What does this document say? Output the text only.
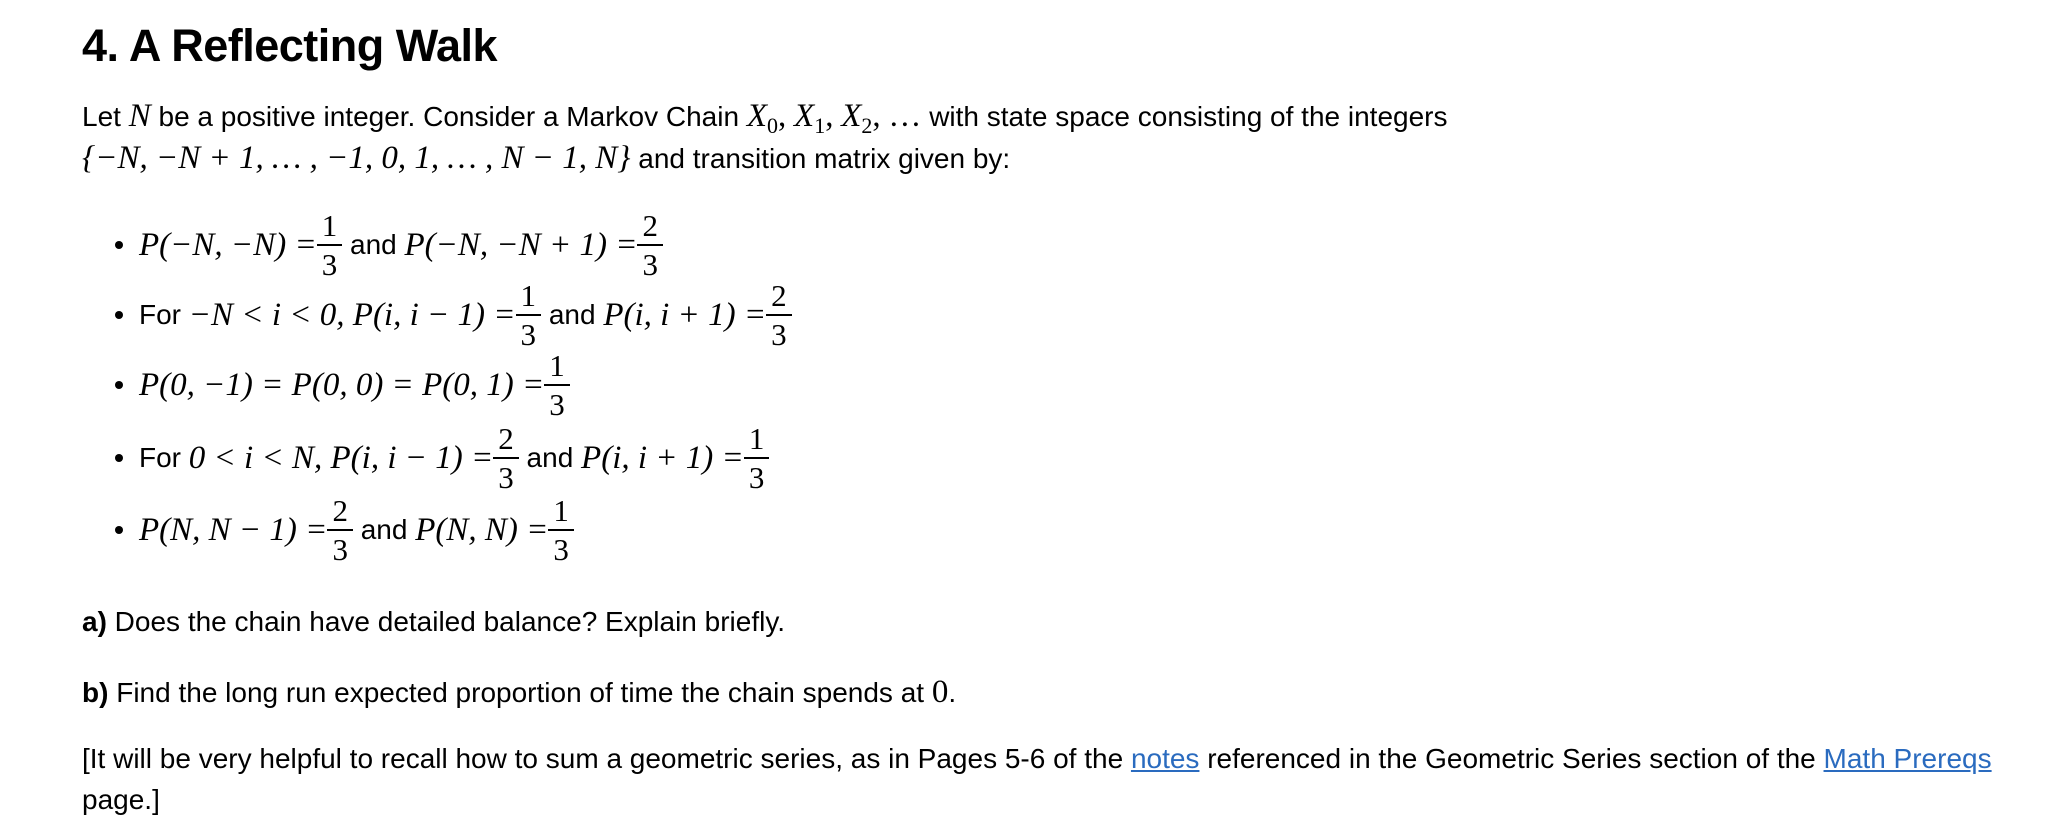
4. A Reflecting Walk
Let N be a positive integer. Consider a Markov Chain $X_0$, $X_1$, $X_2$, … with state space consisting of the integers
{−N, −N + 1, … , −1, 0, 1, … , N − 1, N} and transition matrix given by:
P(−N, $-N) = \frac{1}{3}$ and P(−N, $-N + 1) = \frac{2}{3}$
For −N < i < 0, P(i, $i - 1) = \frac{1}{3}$ and P(i, $i + 1) = \frac{2}{3}$
P(0, −1) = P(0, 0) = P(0, $1) = \frac{1}{3}$
For 0 < i < N, P(i, $i - 1) = \frac{2}{3}$ and P(i, $i + 1) = \frac{1}{3}$
P(N, $N - 1) = \frac{2}{3}$ and P(N, $N) = \frac{1}{3}$
a) Does the chain have detailed balance? Explain briefly.
b) Find the long run expected proportion of time the chain spends at 0.
[It will be very helpful to recall how to sum a geometric series, as in Pages 5-6 of the notes referenced in the Geometric Series section of the Math Prereqs
page.]
